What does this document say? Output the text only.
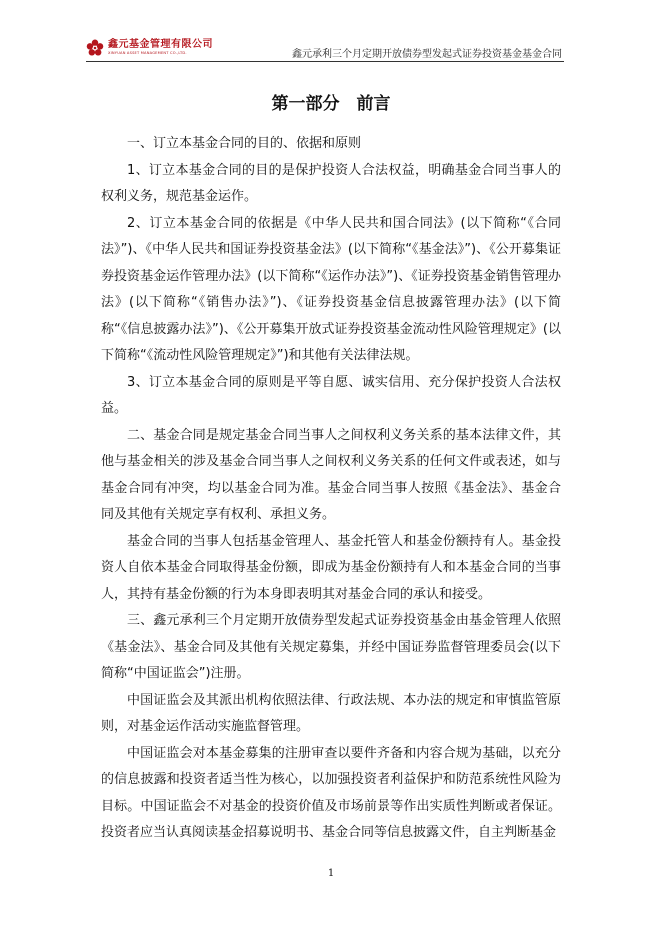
鑫元基金管理有限公司
XINYUAN ASSET MANAGEMENT CO.,LTD.	鑫元承利三个月定期开放债券型发起式证券投资基金基金合同
第一部分　前言

一、订立本基金合同的目的、依据和原则

1、订立本基金合同的目的是保护投资人合法权益，明确基金合同当事人的权利义务，规范基金运作。

2、订立本基金合同的依据是《中华人民共和国合同法》(以下简称“《合同法》”)、《中华人民共和国证券投资基金法》(以下简称“《基金法》”)、《公开募集证券投资基金运作管理办法》(以下简称“《运作办法》”)、《证券投资基金销售管理办法》(以下简称“《销售办法》”)、《证券投资基金信息披露管理办法》(以下简称“《信息披露办法》”)、《公开募集开放式证券投资基金流动性风险管理规定》(以下简称“《流动性风险管理规定》”)和其他有关法律法规。

3、订立本基金合同的原则是平等自愿、诚实信用、充分保护投资人合法权益。

二、基金合同是规定基金合同当事人之间权利义务关系的基本法律文件，其他与基金相关的涉及基金合同当事人之间权利义务关系的任何文件或表述，如与基金合同有冲突，均以基金合同为准。基金合同当事人按照《基金法》、基金合同及其他有关规定享有权利、承担义务。

基金合同的当事人包括基金管理人、基金托管人和基金份额持有人。基金投资人自依本基金合同取得基金份额，即成为基金份额持有人和本基金合同的当事人，其持有基金份额的行为本身即表明其对基金合同的承认和接受。

三、鑫元承利三个月定期开放债券型发起式证券投资基金由基金管理人依照《基金法》、基金合同及其他有关规定募集，并经中国证券监督管理委员会(以下简称“中国证监会”)注册。

中国证监会及其派出机构依照法律、行政法规、本办法的规定和审慎监管原则，对基金运作活动实施监督管理。

中国证监会对本基金募集的注册审查以要件齐备和内容合规为基础，以充分的信息披露和投资者适当性为核心，以加强投资者利益保护和防范系统性风险为目标。中国证监会不对基金的投资价值及市场前景等作出实质性判断或者保证。投资者应当认真阅读基金招募说明书、基金合同等信息披露文件，自主判断基金

1
